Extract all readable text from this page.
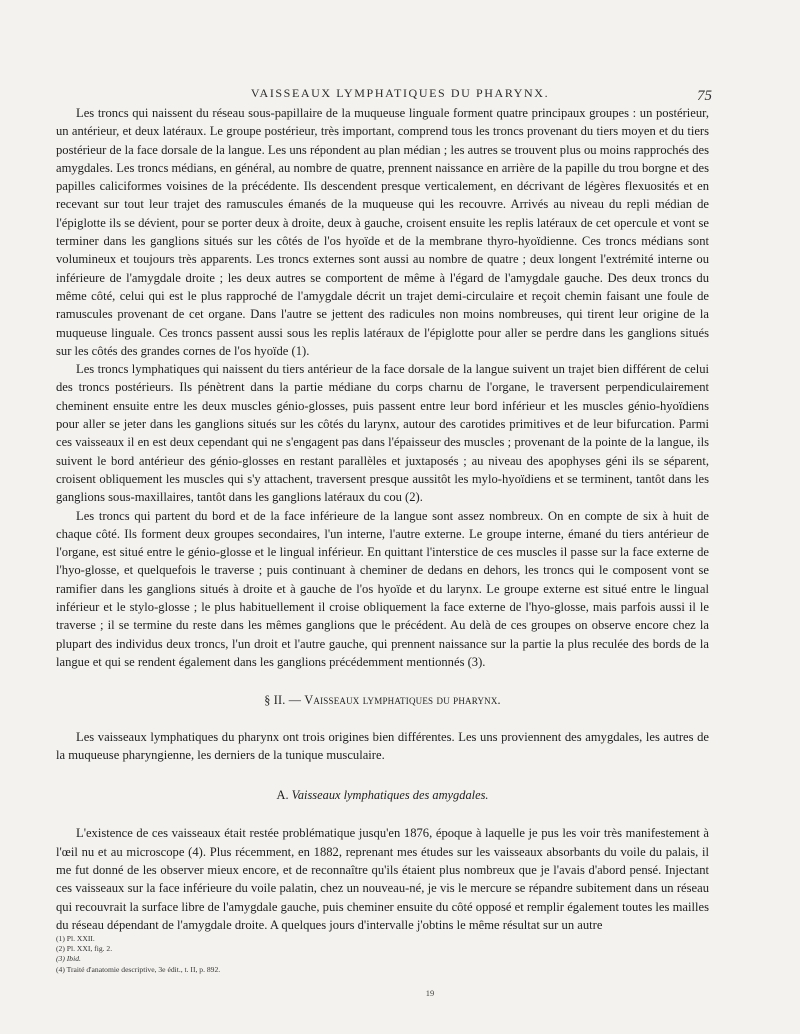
VAISSEAUX LYMPHATIQUES DU PHARYNX.	75

Les troncs qui naissent du réseau sous-papillaire de la muqueuse linguale forment quatre principaux groupes : un postérieur, un antérieur, et deux latéraux. Le groupe postérieur, très important, comprend tous les troncs provenant du tiers moyen et du tiers postérieur de la face dorsale de la langue. Les uns répondent au plan médian ; les autres se trouvent plus ou moins rapprochés des amygdales. Les troncs médians, en général, au nombre de quatre, prennent naissance en arrière de la papille du trou borgne et des papilles caliciformes voisines de la précédente. Ils descendent presque verticalement, en décrivant de légères flexuosités et en recevant sur tout leur trajet des ramuscules émanés de la muqueuse qui les recouvre. Arrivés au niveau du repli médian de l'épiglotte ils se dévient, pour se porter deux à droite, deux à gauche, croisent ensuite les replis latéraux de cet opercule et vont se terminer dans les ganglions situés sur les côtés de l'os hyoïde et de la membrane thyro-hyoïdienne. Ces troncs médians sont volumineux et toujours très apparents. Les troncs externes sont aussi au nombre de quatre ; deux longent l'extrémité interne ou inférieure de l'amygdale droite ; les deux autres se comportent de même à l'égard de l'amygdale gauche. Des deux troncs du même côté, celui qui est le plus rapproché de l'amygdale décrit un trajet demi-circulaire et reçoit chemin faisant une foule de ramuscules provenant de cet organe. Dans l'autre se jettent des radicules non moins nombreuses, qui tirent leur origine de la muqueuse linguale. Ces troncs passent aussi sous les replis latéraux de l'épiglotte pour aller se perdre dans les ganglions situés sur les côtés des grandes cornes de l'os hyoïde (1).

Les troncs lymphatiques qui naissent du tiers antérieur de la face dorsale de la langue suivent un trajet bien différent de celui des troncs postérieurs. Ils pénètrent dans la partie médiane du corps charnu de l'organe, le traversent perpendiculairement cheminent ensuite entre les deux muscles génio-glosses, puis passent entre leur bord inférieur et les muscles génio-hyoïdiens pour aller se jeter dans les ganglions situés sur les côtés du larynx, autour des carotides primitives et de leur bifurcation. Parmi ces vaisseaux il en est deux cependant qui ne s'engagent pas dans l'épaisseur des muscles ; provenant de la pointe de la langue, ils suivent le bord antérieur des génio-glosses en restant parallèles et juxtaposés ; au niveau des apophyses géni ils se séparent, croisent obliquement les muscles qui s'y attachent, traversent presque aussitôt les mylo-hyoïdiens et se terminent, tantôt dans les ganglions sous-maxillaires, tantôt dans les ganglions latéraux du cou (2).

Les troncs qui partent du bord et de la face inférieure de la langue sont assez nombreux. On en compte de six à huit de chaque côté. Ils forment deux groupes secondaires, l'un interne, l'autre externe. Le groupe interne, émané du tiers antérieur de l'organe, est situé entre le génio-glosse et le lingual inférieur. En quittant l'interstice de ces muscles il passe sur la face externe de l'hyo-glosse, et quelquefois le traverse ; puis continuant à cheminer de dedans en dehors, les troncs qui le composent vont se ramifier dans les ganglions situés à droite et à gauche de l'os hyoïde et du larynx. Le groupe externe est situé entre le lingual inférieur et le stylo-glosse ; le plus habituellement il croise obliquement la face externe de l'hyo-glosse, mais parfois aussi il le traverse ; il se termine du reste dans les mêmes ganglions que le précédent. Au delà de ces groupes on observe encore chez la plupart des individus deux troncs, l'un droit et l'autre gauche, qui prennent naissance sur la partie la plus reculée des bords de la langue et qui se rendent également dans les ganglions précédemment mentionnés (3).

§ II. — Vaisseaux lymphatiques du pharynx.

Les vaisseaux lymphatiques du pharynx ont trois origines bien différentes. Les uns proviennent des amygdales, les autres de la muqueuse pharyngienne, les derniers de la tunique musculaire.

A. Vaisseaux lymphatiques des amygdales.

L'existence de ces vaisseaux était restée problématique jusqu'en 1876, époque à laquelle je pus les voir très manifestement à l'œil nu et au microscope (4). Plus récemment, en 1882, reprenant mes études sur les vaisseaux absorbants du voile du palais, il me fut donné de les observer mieux encore, et de reconnaître qu'ils étaient plus nombreux que je l'avais d'abord pensé. Injectant ces vaisseaux sur la face inférieure du voile palatin, chez un nouveau-né, je vis le mercure se répandre subitement dans un réseau qui recouvrait la surface libre de l'amygdale gauche, puis cheminer ensuite du côté opposé et remplir également toutes les mailles du réseau dépendant de l'amygdale droite. A quelques jours d'intervalle j'obtins le même résultat sur un autre

(1) Pl. XXII.
(2) Pl. XXI, fig. 2.
(3) Ibid.
(4) Traité d'anatomie descriptive, 3e édit., t. II, p. 892.
19
